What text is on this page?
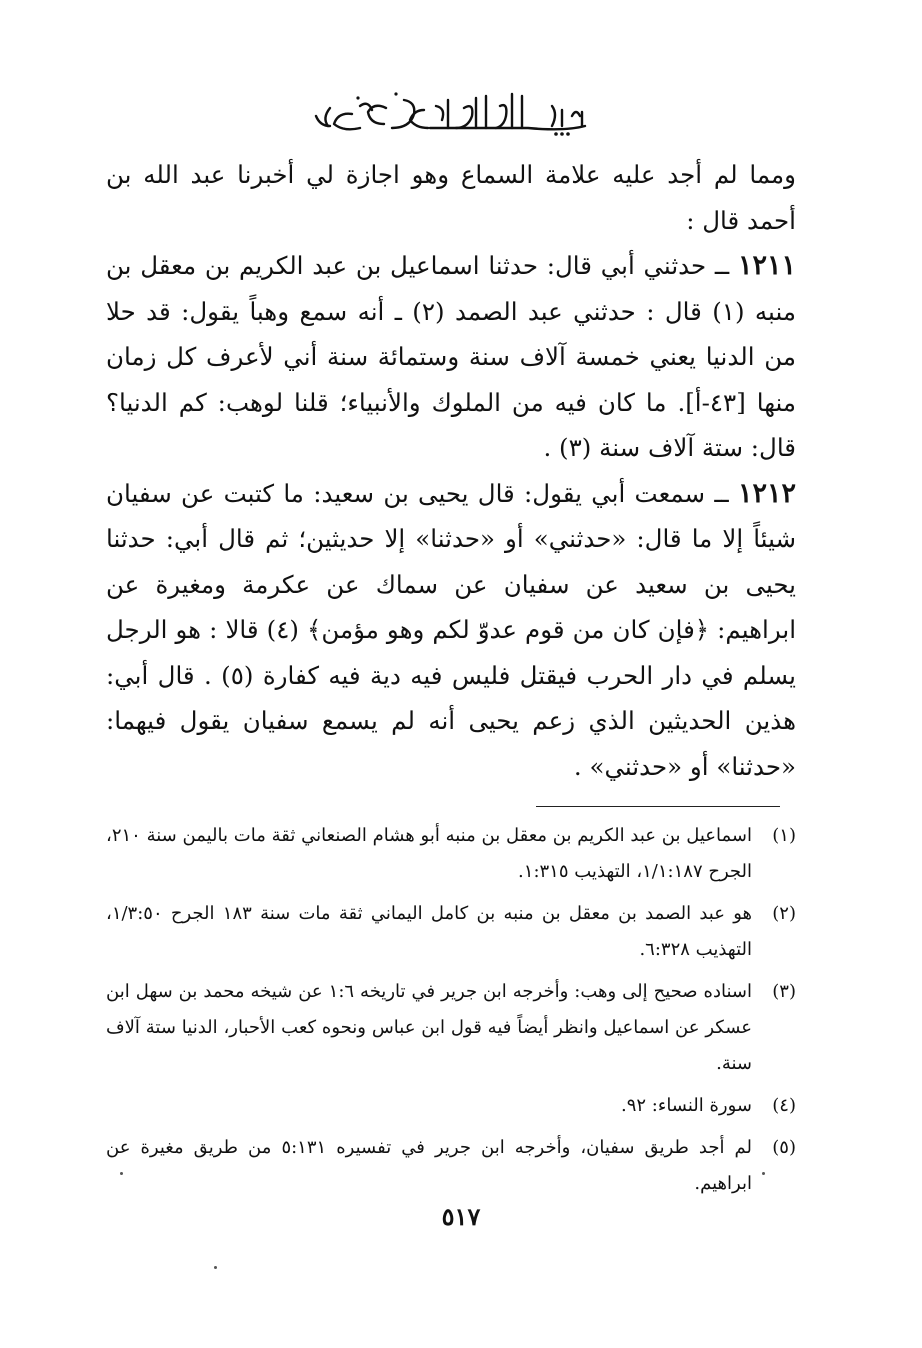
ومما لم أجد عليه علامة السماع وهو اجازة لي أخبرنا عبد الله بن أحمد قال :

١٢١١ ــ حدثني أبي قال: حدثنا اسماعيل بن عبد الكريم بن معقل بن منبه (١) قال : حدثني عبد الصمد (٢) ـ أنه سمع وهباً يقول: قد حلا من الدنيا يعني خمسة آلاف سنة وستمائة سنة أني لأعرف كل زمان منها [٤٣-أ]. ما كان فيه من الملوك والأنبياء؛ قلنا لوهب: كم الدنيا؟ قال: ستة آلاف سنة (٣) .

١٢١٢ ــ سمعت أبي يقول: قال يحيى بن سعيد: ما كتبت عن سفيان شيئاً إلا ما قال: «حدثني» أو «حدثنا» إلا حديثين؛ ثم قال أبي: حدثنا يحيى بن سعيد عن سفيان عن سماك عن عكرمة ومغيرة عن ابراهيم: ﴿فإن كان من قوم عدوّ لكم وهو مؤمن﴾ (٤) قالا : هو الرجل يسلم في دار الحرب فيقتل فليس فيه دية فيه كفارة (٥) . قال أبي: هذين الحديثين الذي زعم يحيى أنه لم يسمع سفيان يقول فيهما: «حدثنا» أو «حدثني» .

(١)
اسماعيل بن عبد الكريم بن معقل بن منبه أبو هشام الصنعاني ثقة مات باليمن سنة ٢١٠، الجرح ١/١:١٨٧، التهذيب ١:٣١٥.
(٢)
هو عبد الصمد بن معقل بن منبه بن كامل اليماني ثقة مات سنة ١٨٣ الجرح ١/٣:٥٠، التهذيب ٦:٣٢٨.
(٣)
اسناده صحيح إلى وهب: وأخرجه ابن جرير في تاريخه ١:٦ عن شيخه محمد بن سهل ابن عسكر عن اسماعيل وانظر أيضاً فيه قول ابن عباس ونحوه كعب الأحبار، الدنيا ستة آلاف سنة.
(٤)
سورة النساء: ٩٢.
(٥)
لم أجد طريق سفيان، وأخرجه ابن جرير في تفسيره ٥:١٣١ من طريق مغيرة عن ابراهيم.
٥١٧
